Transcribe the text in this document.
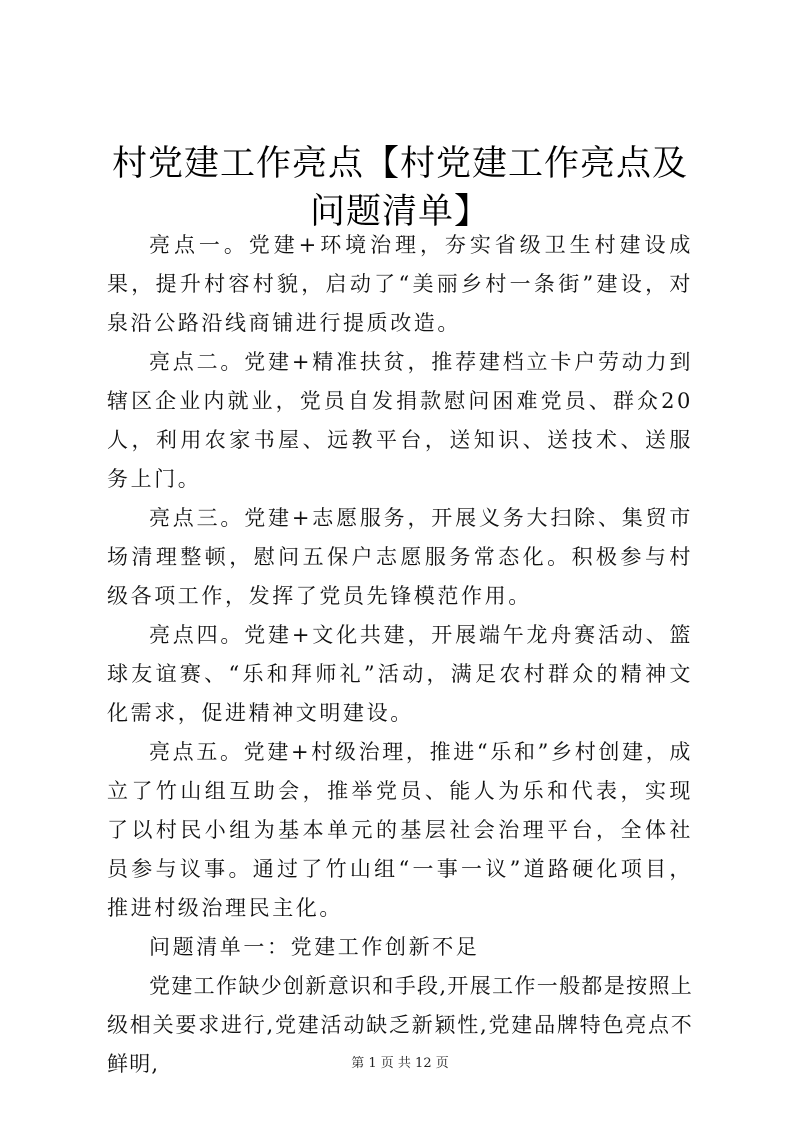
村党建工作亮点【村党建工作亮点及问题清单】

亮点一。党建+环境治理，夯实省级卫生村建设成果，提升村容村貌，启动了“美丽乡村一条街”建设，对泉沿公路沿线商铺进行提质改造。

亮点二。党建+精准扶贫，推荐建档立卡户劳动力到辖区企业内就业，党员自发捐款慰问困难党员、群众20人，利用农家书屋、远教平台，送知识、送技术、送服务上门。

亮点三。党建+志愿服务，开展义务大扫除、集贸市场清理整顿，慰问五保户志愿服务常态化。积极参与村级各项工作，发挥了党员先锋模范作用。

亮点四。党建+文化共建，开展端午龙舟赛活动、篮球友谊赛、“乐和拜师礼”活动，满足农村群众的精神文化需求，促进精神文明建设。

亮点五。党建+村级治理，推进“乐和”乡村创建，成立了竹山组互助会，推举党员、能人为乐和代表，实现了以村民小组为基本单元的基层社会治理平台，全体社员参与议事。通过了竹山组“一事一议”道路硬化项目，推进村级治理民主化。

问题清单一：党建工作创新不足

党建工作缺少创新意识和手段,开展工作一般都是按照上级相关要求进行,党建活动缺乏新颖性,党建品牌特色亮点不鲜明,	第 1 页 共 12 页
